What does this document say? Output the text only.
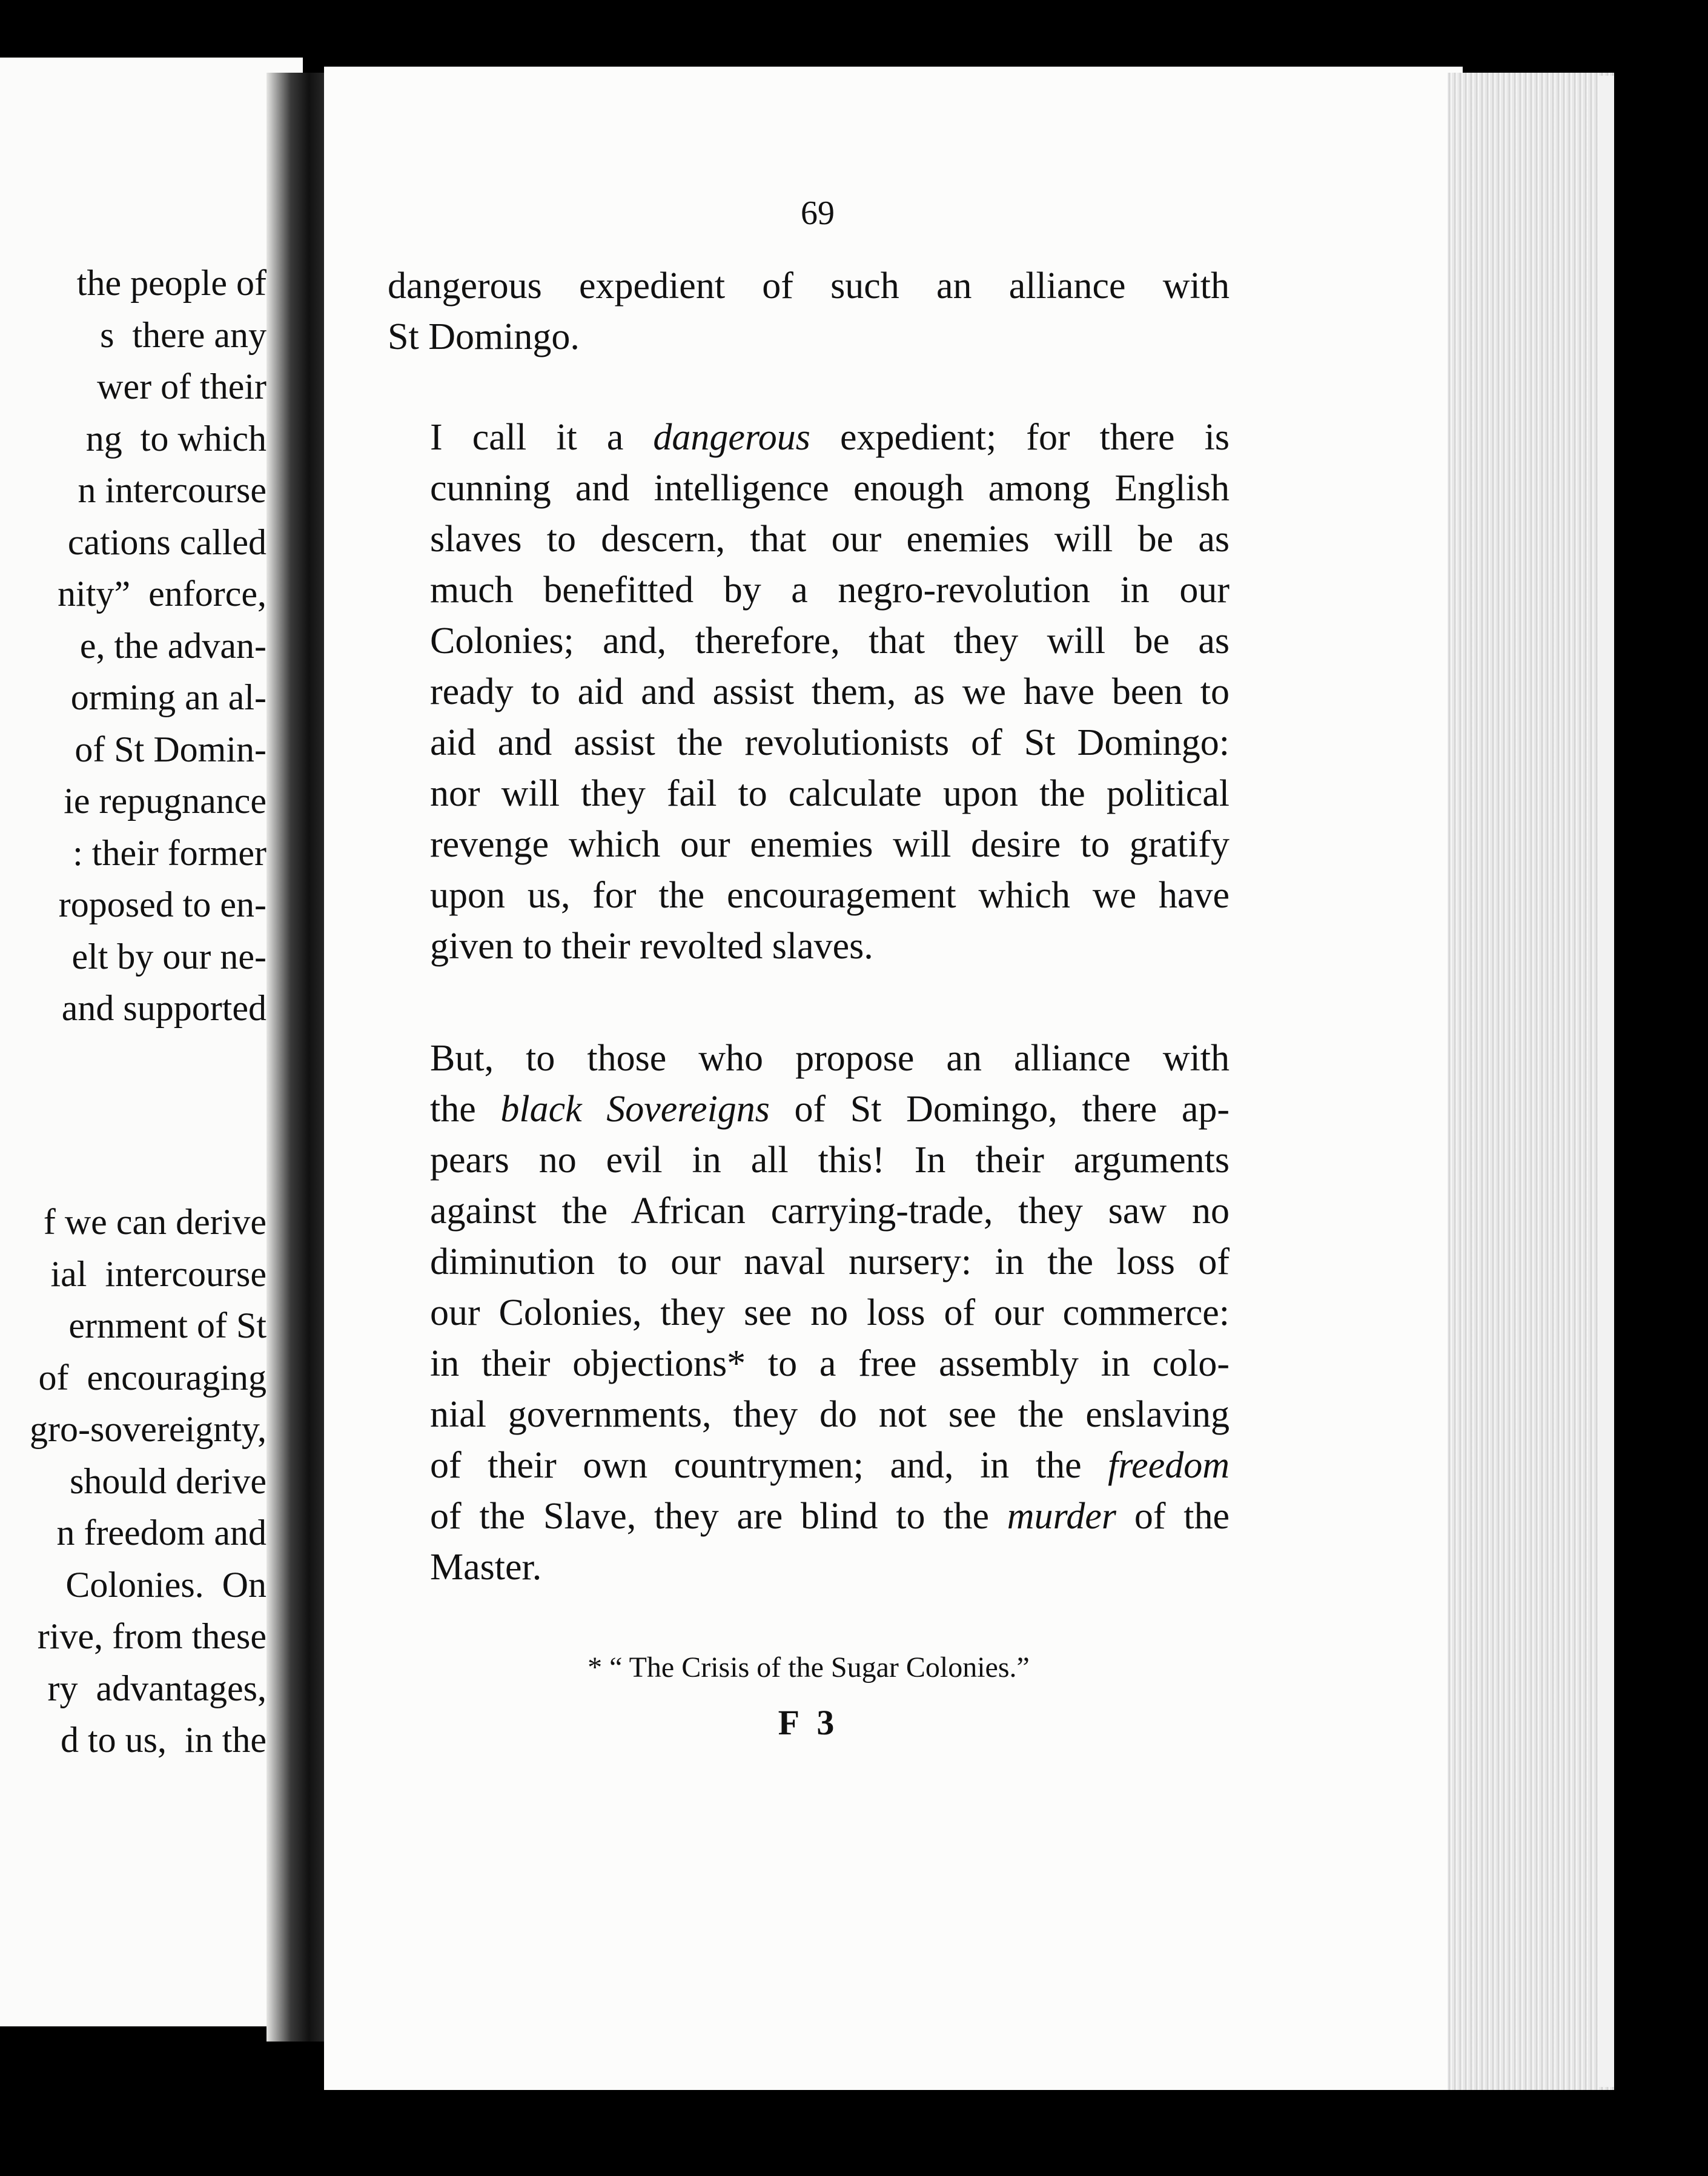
the people of
s  there any
wer of their
ng  to which
n intercourse
cations called
nity”  enforce,
e, the advan-
orming an al-
of St Domin-
ie repugnance
: their former
roposed to en-
elt by our ne-
and supported
f we can derive
ial  intercourse
ernment of St
of  encouraging
gro-sovereignty,
should derive
n freedom and
Colonies.  On
rive, from these
ry  advantages,
d to us,  in the
69
dangerous expedient of such an alliance with
St Domingo.
I call it a dangerous expedient; for there is
cunning and intelligence enough among English
slaves to descern, that our enemies will be as
much benefitted by a negro-revolution in our
Colonies; and, therefore, that they will be as
ready to aid and assist them, as we have been to
aid and assist the revolutionists of St Domingo:
nor will they fail to calculate upon the political
revenge which our enemies will desire to gratify
upon us, for the encouragement which we have
given to their revolted slaves.
But, to those who propose an alliance with
the black Sovereigns of St Domingo, there ap-
pears no evil in all this! In their arguments
against the African carrying-trade, they saw no
diminution to our naval nursery: in the loss of
our Colonies, they see no loss of our commerce:
in their objections* to a free assembly in colo-
nial governments, they do not see the enslaving
of their own countrymen; and, in the freedom
of the Slave, they are blind to the murder of the
Master.
* “ The Crisis of the Sugar Colonies.”
F 3
